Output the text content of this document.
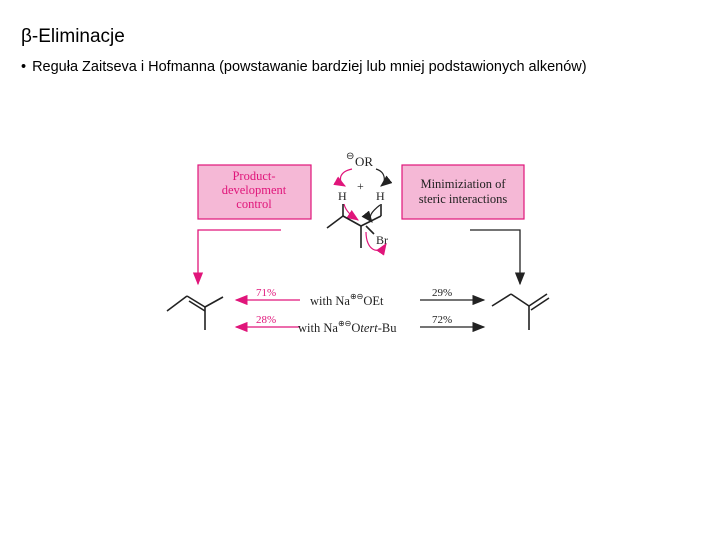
β-Eliminacje
• Reguła Zaitseva i Hofmanna (powstawanie bardziej lub mniej podstawionych alkenów)
Product-
development
control
Minimiziation of
steric interactions
⊖ OR
+
H H
Br
71%
with Na⊕⊖OEt
29%
28%
with Na⊕⊖Otert-Bu
72%
